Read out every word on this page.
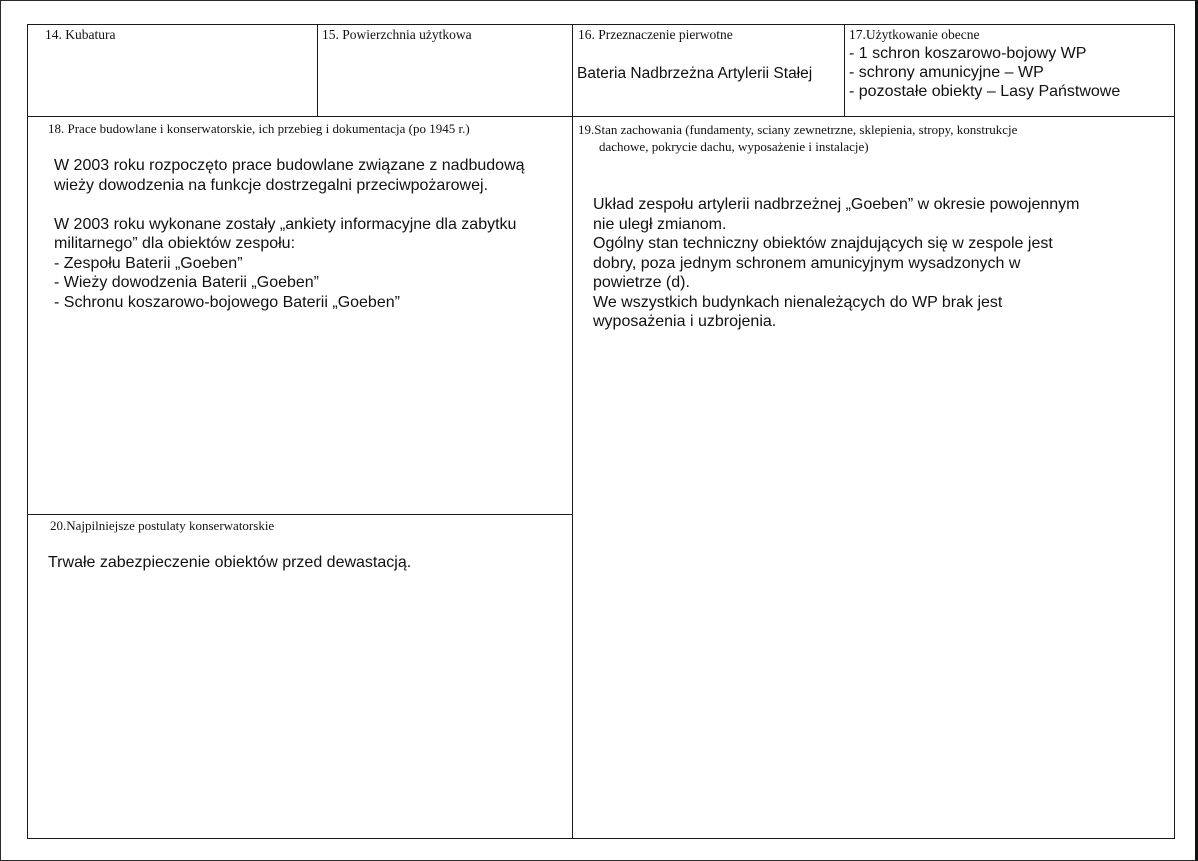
14. Kubatura	15. Powierzchnia użytkowa	16. Przeznaczenie pierwotne
Bateria Nadbrzeżna Artylerii Stałej
17.Użytkowanie obecne
- 1 schron koszarowo-bojowy WP
- schrony amunicyjne – WP
- pozostałe obiekty – Lasy Państwowe
18. Prace budowlane i konserwatorskie, ich przebieg i dokumentacja (po 1945 r.)
W 2003 roku rozpoczęto prace budowlane związane z nadbudową
wieży dowodzenia na funkcje dostrzegalni przeciwpożarowej.
W 2003 roku wykonane zostały „ankiety informacyjne dla zabytku
militarnego” dla obiektów zespołu:
- Zespołu Baterii „Goeben”
- Wieży dowodzenia Baterii „Goeben”
- Schronu koszarowo-bojowego Baterii „Goeben”
19.Stan zachowania (fundamenty, sciany zewnetrzne, sklepienia, stropy, konstrukcje
dachowe, pokrycie dachu, wyposażenie i instalacje)
Układ zespołu artylerii nadbrzeżnej „Goeben” w okresie powojennym
nie uległ zmianom.
Ogólny stan techniczny obiektów znajdujących się w zespole jest
dobry, poza jednym schronem amunicyjnym wysadzonych w
powietrze (d).
We wszystkich budynkach nienależących do WP brak jest
wyposażenia i uzbrojenia.
20.Najpilniejsze postulaty konserwatorskie
Trwałe zabezpieczenie obiektów przed dewastacją.
